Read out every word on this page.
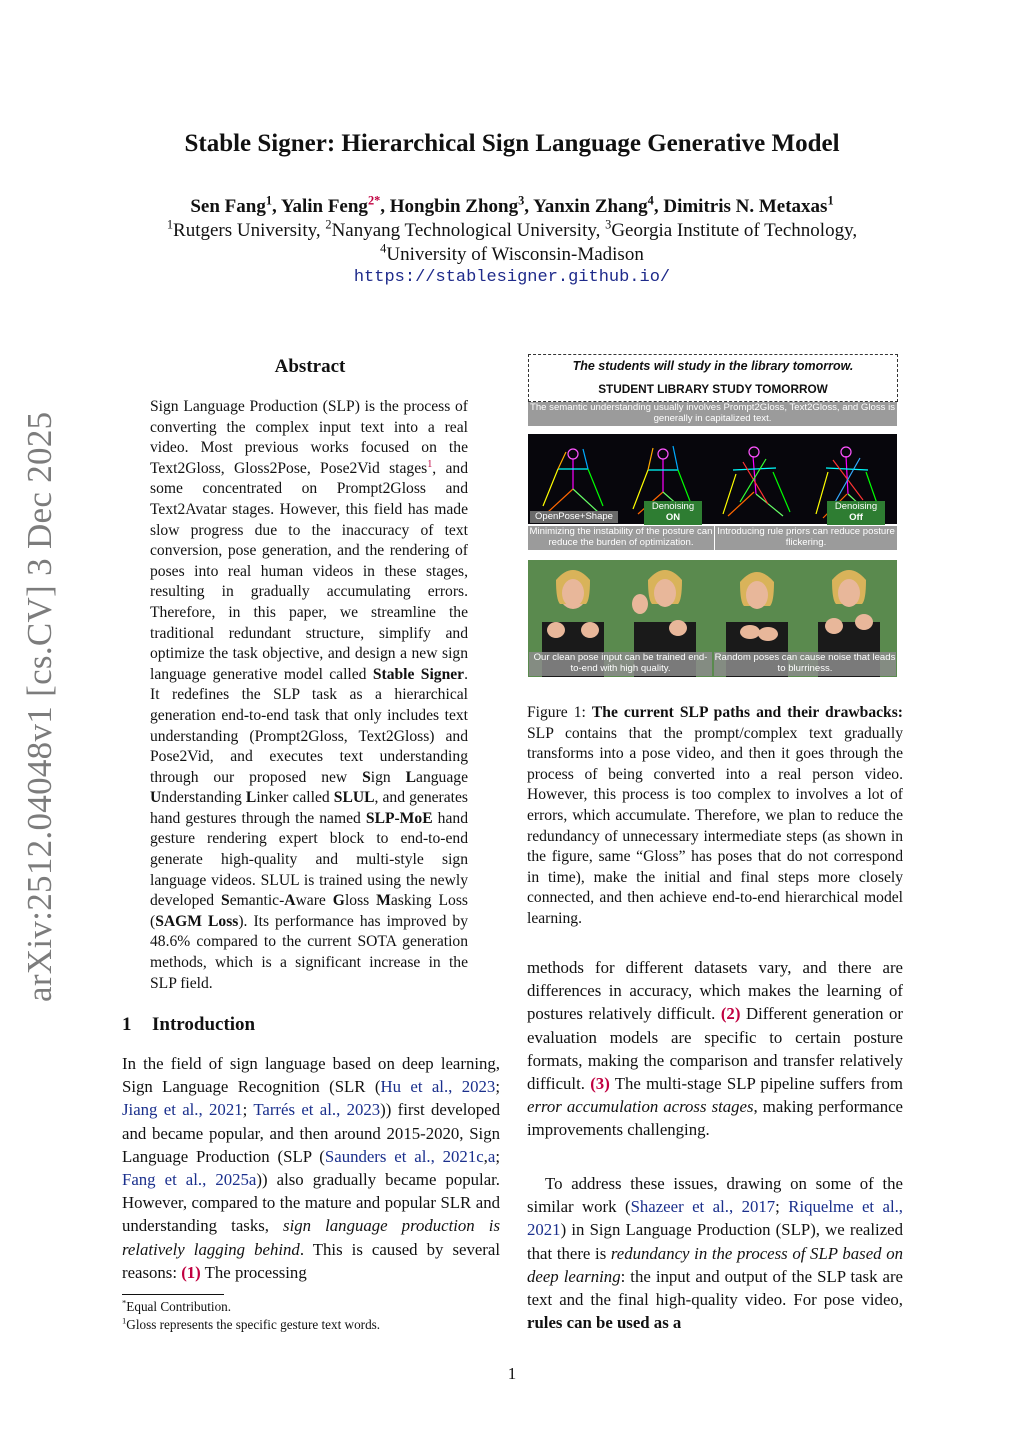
arXiv:2512.04048v1 [cs.CV] 3 Dec 2025
Stable Signer: Hierarchical Sign Language Generative Model
Sen Fang$^1$, Yalin Feng$^{2*}$, Hongbin Zhong$^3$, Yanxin Zhang$^4$, Dimitris N. Metaxas$^1$
$^1$Rutgers University, $^2$Nanyang Technological University, $^3$Georgia Institute of Technology,
$^4$University of Wisconsin-Madison
https://stablesigner.github.io/
Abstract
Sign Language Production (SLP) is the process of converting the complex input text into a real video. Most previous works focused on the Text2Gloss, Gloss2Pose, Pose2Vid stages$^1$, and some concentrated on Prompt2Gloss and Text2Avatar stages. However, this field has made slow progress due to the inaccuracy of text conversion, pose generation, and the rendering of poses into real human videos in these stages, resulting in gradually accumulating errors. Therefore, in this paper, we streamline the traditional redundant structure, simplify and optimize the task objective, and design a new sign language generative model called Stable Signer. It redefines the SLP task as a hierarchical generation end-to-end task that only includes text understanding (Prompt2Gloss, Text2Gloss) and Pose2Vid, and executes text understanding through our proposed new Sign Language Understanding Linker called SLUL, and generates hand gestures through the named SLP-MoE hand gesture rendering expert block to end-to-end generate high-quality and multi-style sign language videos. SLUL is trained using the newly developed Semantic-Aware Gloss Masking Loss (SAGM Loss). Its performance has improved by 48.6% compared to the current SOTA generation methods, which is a significant increase in the SLP field.
1 Introduction
In the field of sign language based on deep learning, Sign Language Recognition (SLR (Hu et al., 2023; Jiang et al., 2021; Tarrés et al., 2023)) first developed and became popular, and then around 2015-2020, Sign Language Production (SLP (Saunders et al., 2021c,a; Fang et al., 2025a)) also gradually became popular. However, compared to the mature and popular SLR and understanding tasks, sign language production is relatively lagging behind. This is caused by several reasons: (1) The processing
*Equal Contribution.
$^1$Gloss represents the specific gesture text words.
The students will study in the library tomorrow.
STUDENT LIBRARY STUDY TOMORROW
The semantic understanding usually involves Prompt2Gloss, Text2Gloss, and Gloss is generally in capitalized text.
OpenPose+Shape
Denoising
ON
Denoising
Off
Minimizing the instability of the posture can reduce the burden of optimization.
Introducing rule priors can reduce posture flickering.
Our clean pose input can be trained end-to-end with high quality.
Random poses can cause noise that leads to blurriness.
Figure 1: The current SLP paths and their drawbacks: SLP contains that the prompt/complex text gradually transforms into a pose video, and then it goes through the process of being converted into a real person video. However, this process is too complex to involves a lot of errors, which accumulate. Therefore, we plan to reduce the redundancy of unnecessary intermediate steps (as shown in the figure, same “Gloss” has poses that do not correspond in time), make the initial and final steps more closely connected, and then achieve end-to-end hierarchical model learning.
methods for different datasets vary, and there are differences in accuracy, which makes the learning of postures relatively difficult. (2) Different generation or evaluation models are specific to certain posture formats, making the comparison and transfer relatively difficult. (3) The multi-stage SLP pipeline suffers from error accumulation across stages, making performance improvements challenging.
To address these issues, drawing on some of the similar work (Shazeer et al., 2017; Riquelme et al., 2021) in Sign Language Production (SLP), we realized that there is redundancy in the process of SLP based on deep learning: the input and output of the SLP task are text and the final high-quality video. For pose video, rules can be used as a
1
